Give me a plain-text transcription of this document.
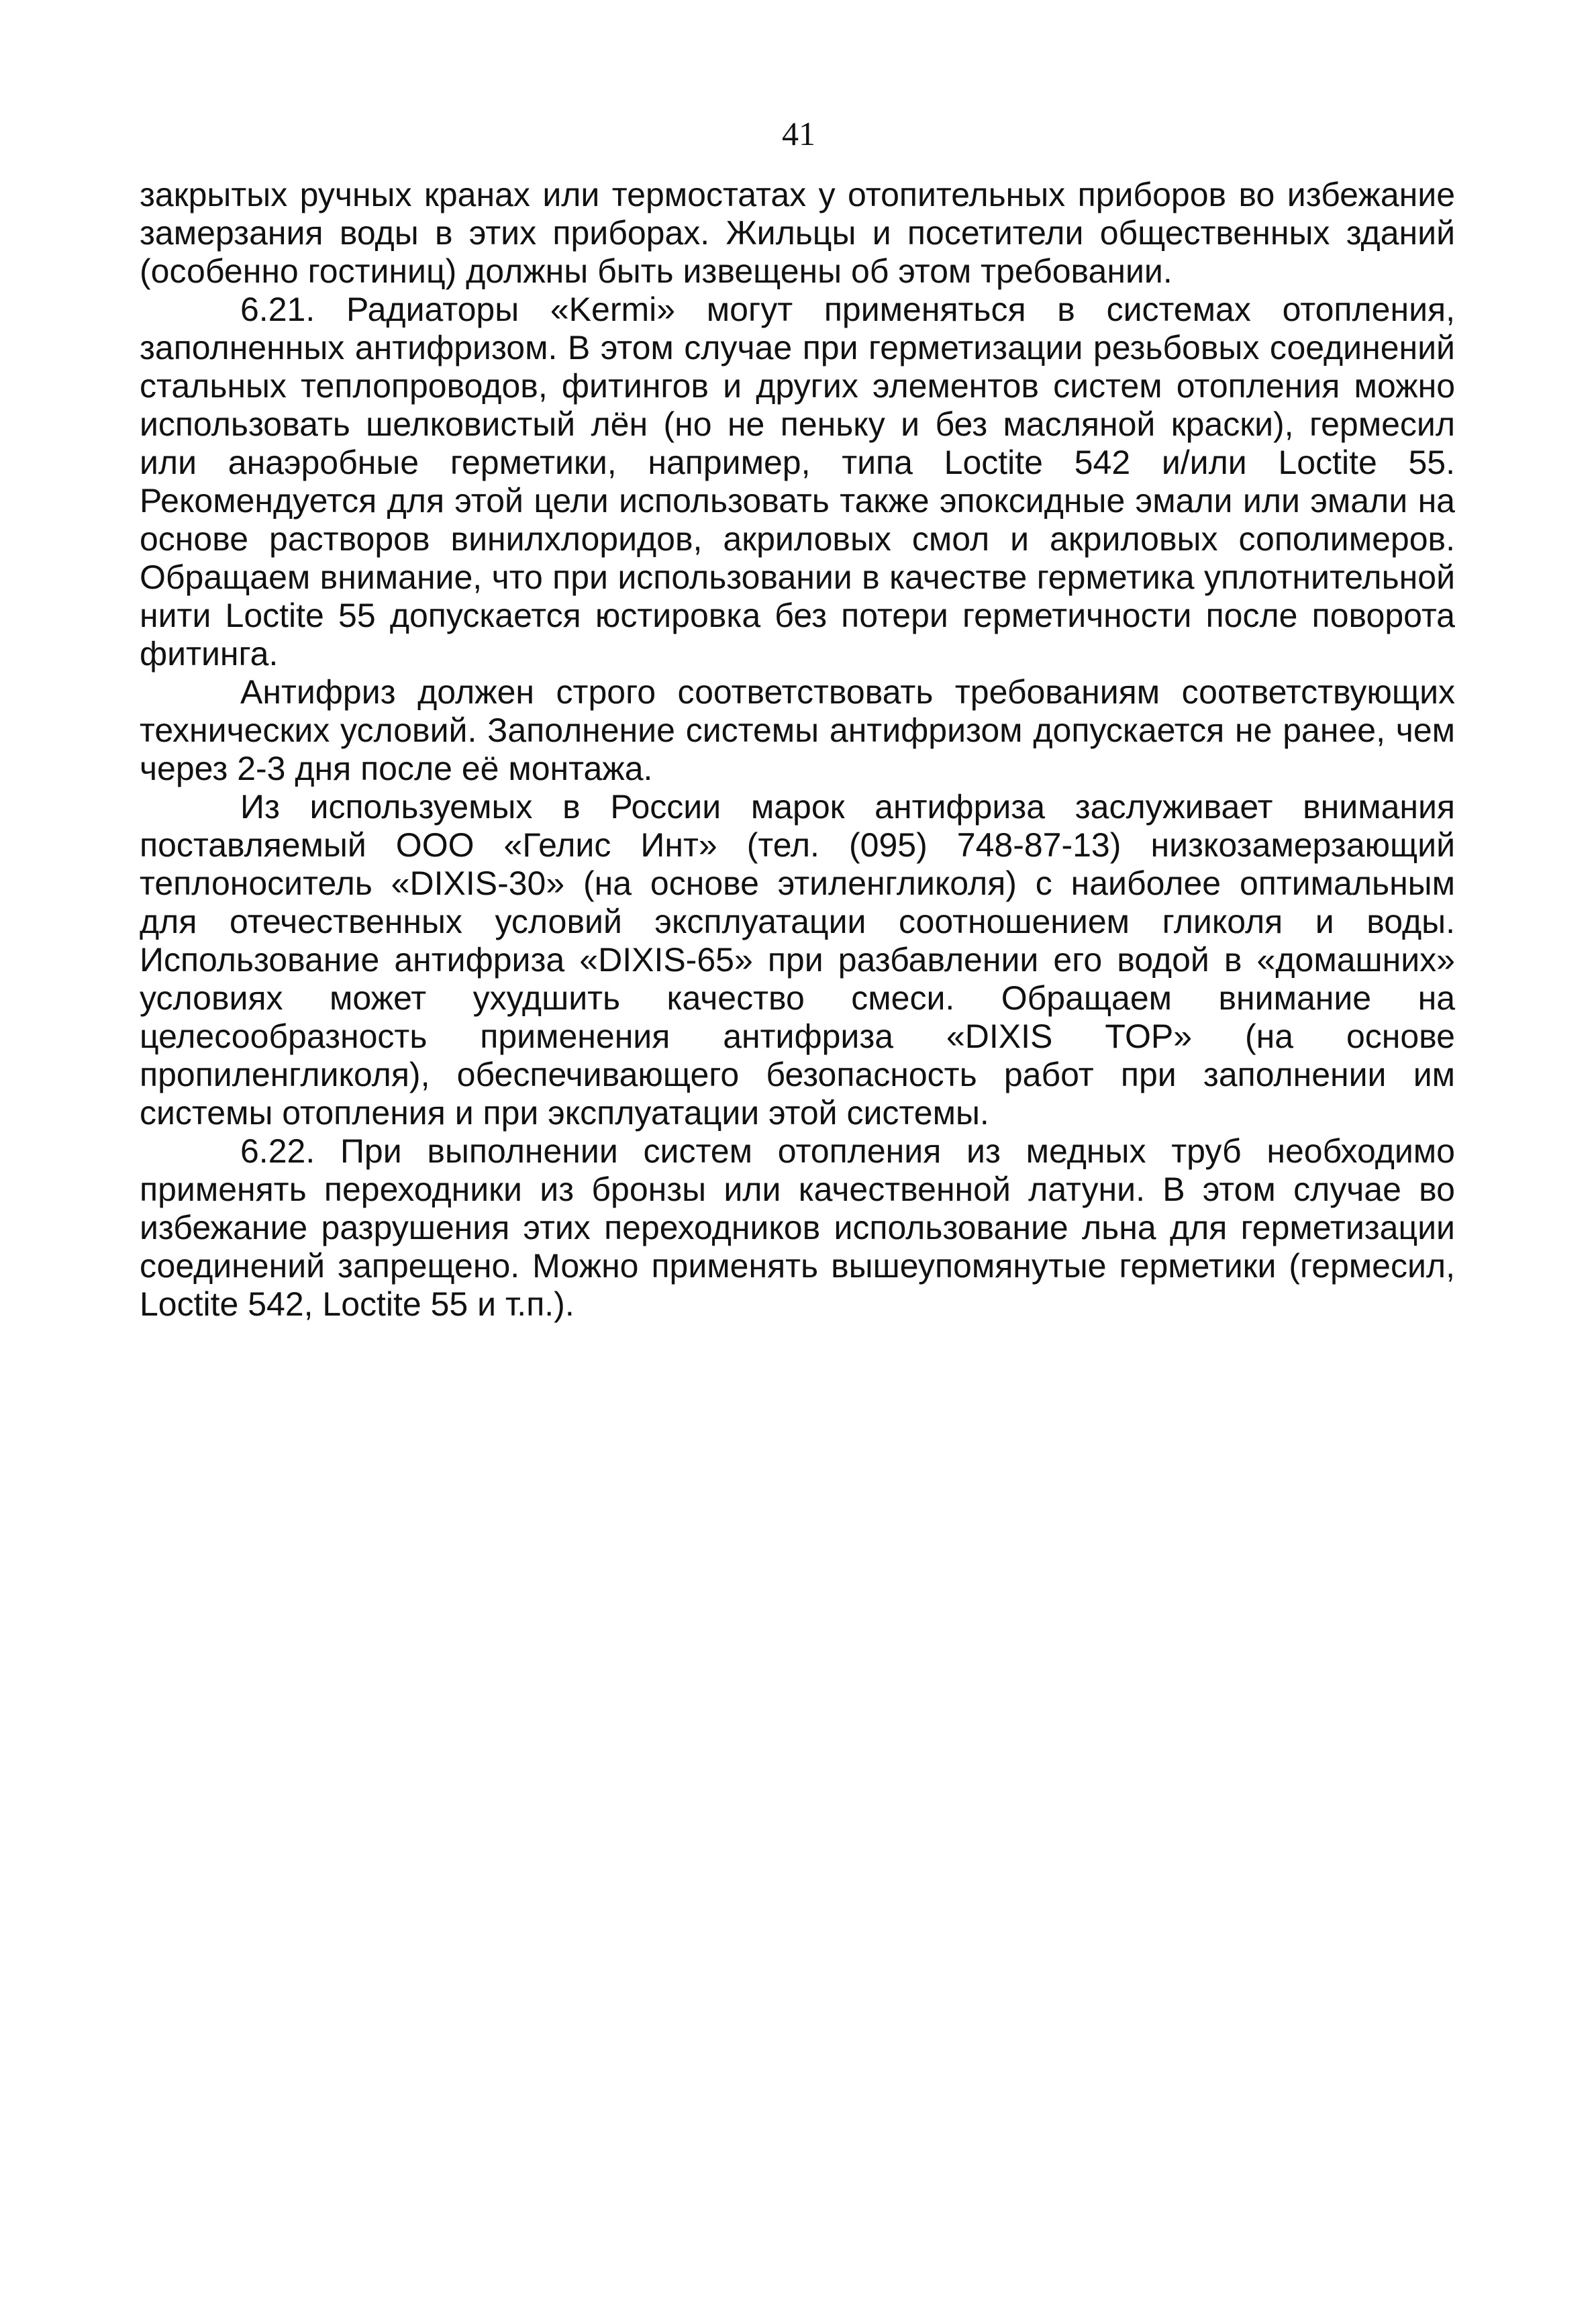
41

закрытых ручных кранах или термостатах у отопительных приборов во избежание замерзания воды в этих приборах. Жильцы и посетители общественных зданий (особенно гостиниц) должны быть извещены об этом требовании.

6.21. Радиаторы «Kermi» могут применяться в системах отопления, заполненных антифризом. В этом случае при герметизации резьбовых соединений стальных теплопроводов, фитингов и других элементов систем отопления можно использовать шелковистый лён (но не пеньку и без масляной краски), гермесил или анаэробные герметики, например, типа Loctite 542 и/или Loctite 55. Рекомендуется для этой цели использовать также эпоксидные эмали или эмали на основе растворов винилхлоридов, акриловых смол и акриловых сополимеров. Обращаем внимание, что при использовании в качестве герметика уплотнительной нити Loctite 55 допускается юстировка без потери герметичности после поворота фитинга.

Антифриз должен строго соответствовать требованиям соответствующих технических условий. Заполнение системы антифризом допускается не ранее, чем через 2-3 дня после её монтажа.

Из используемых в России марок антифриза заслуживает внимания поставляемый ООО «Гелис Инт» (тел. (095) 748-87-13) низкозамерзающий теплоноситель «DIXIS-30» (на основе этиленгликоля) с наиболее оптимальным для отечественных условий эксплуатации соотношением гликоля и воды. Использование антифриза «DIXIS-65» при разбавлении его водой в «домашних» условиях может ухудшить качество смеси. Обращаем внимание на целесообразность применения антифриза «DIXIS TOP» (на основе пропиленгликоля), обеспечивающего безопасность работ при заполнении им системы отопления и при эксплуатации этой системы.

6.22. При выполнении систем отопления из медных труб необходимо применять переходники из бронзы или качественной латуни. В этом случае во избежание разрушения этих переходников использование льна для герметизации соединений запрещено. Можно применять вышеупомянутые герметики (гермесил, Loctite 542, Loctite 55 и т.п.).
